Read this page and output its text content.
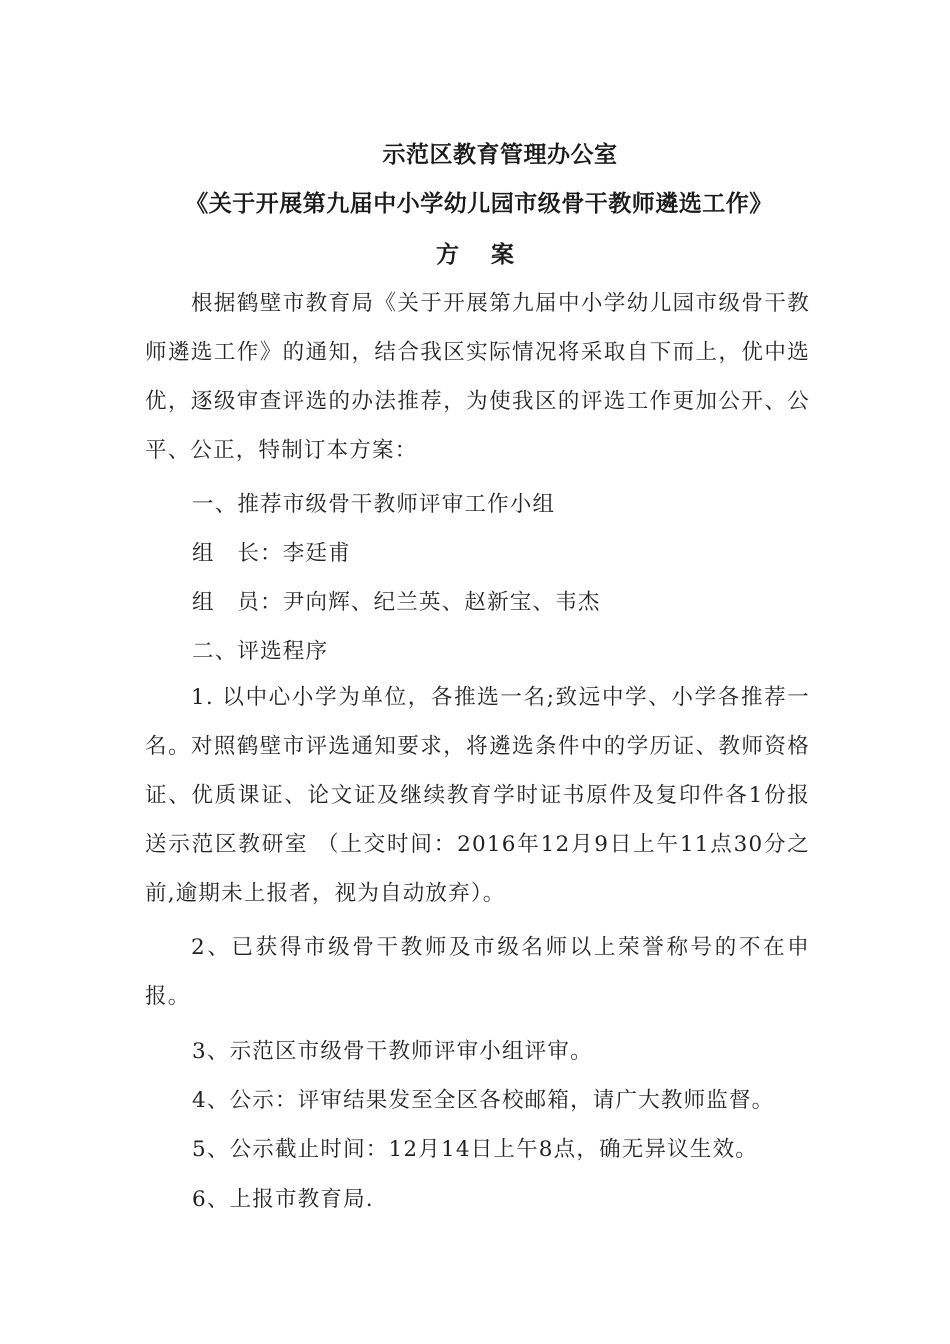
示范区教育管理办公室
《关于开展第九届中小学幼儿园市级骨干教师遴选工作》
方案

根据鹤壁市教育局《关于开展第九届中小学幼儿园市级骨干教师遴选工作》的通知，结合我区实际情况将采取自下而上，优中选优，逐级审查评选的办法推荐，为使我区的评选工作更加公开、公平、公正，特制订本方案：

一、推荐市级骨干教师评审工作小组
组　长：李廷甫
组　员：尹向辉、纪兰英、赵新宝、韦杰
二、评选程序

1. 以中心小学为单位，各推选一名;致远中学、小学各推荐一名。对照鹤壁市评选通知要求，将遴选条件中的学历证、教师资格证、优质课证、论文证及继续教育学时证书原件及复印件各1份报送示范区教研室 （上交时间：2016年12月9日上午11点30分之前,逾期未上报者，视为自动放弃）。

2、已获得市级骨干教师及市级名师以上荣誉称号的不在申报。

3、示范区市级骨干教师评审小组评审。
4、公示：评审结果发至全区各校邮箱，请广大教师监督。
5、公示截止时间：12月14日上午8点，确无异议生效。
6、上报市教育局.
